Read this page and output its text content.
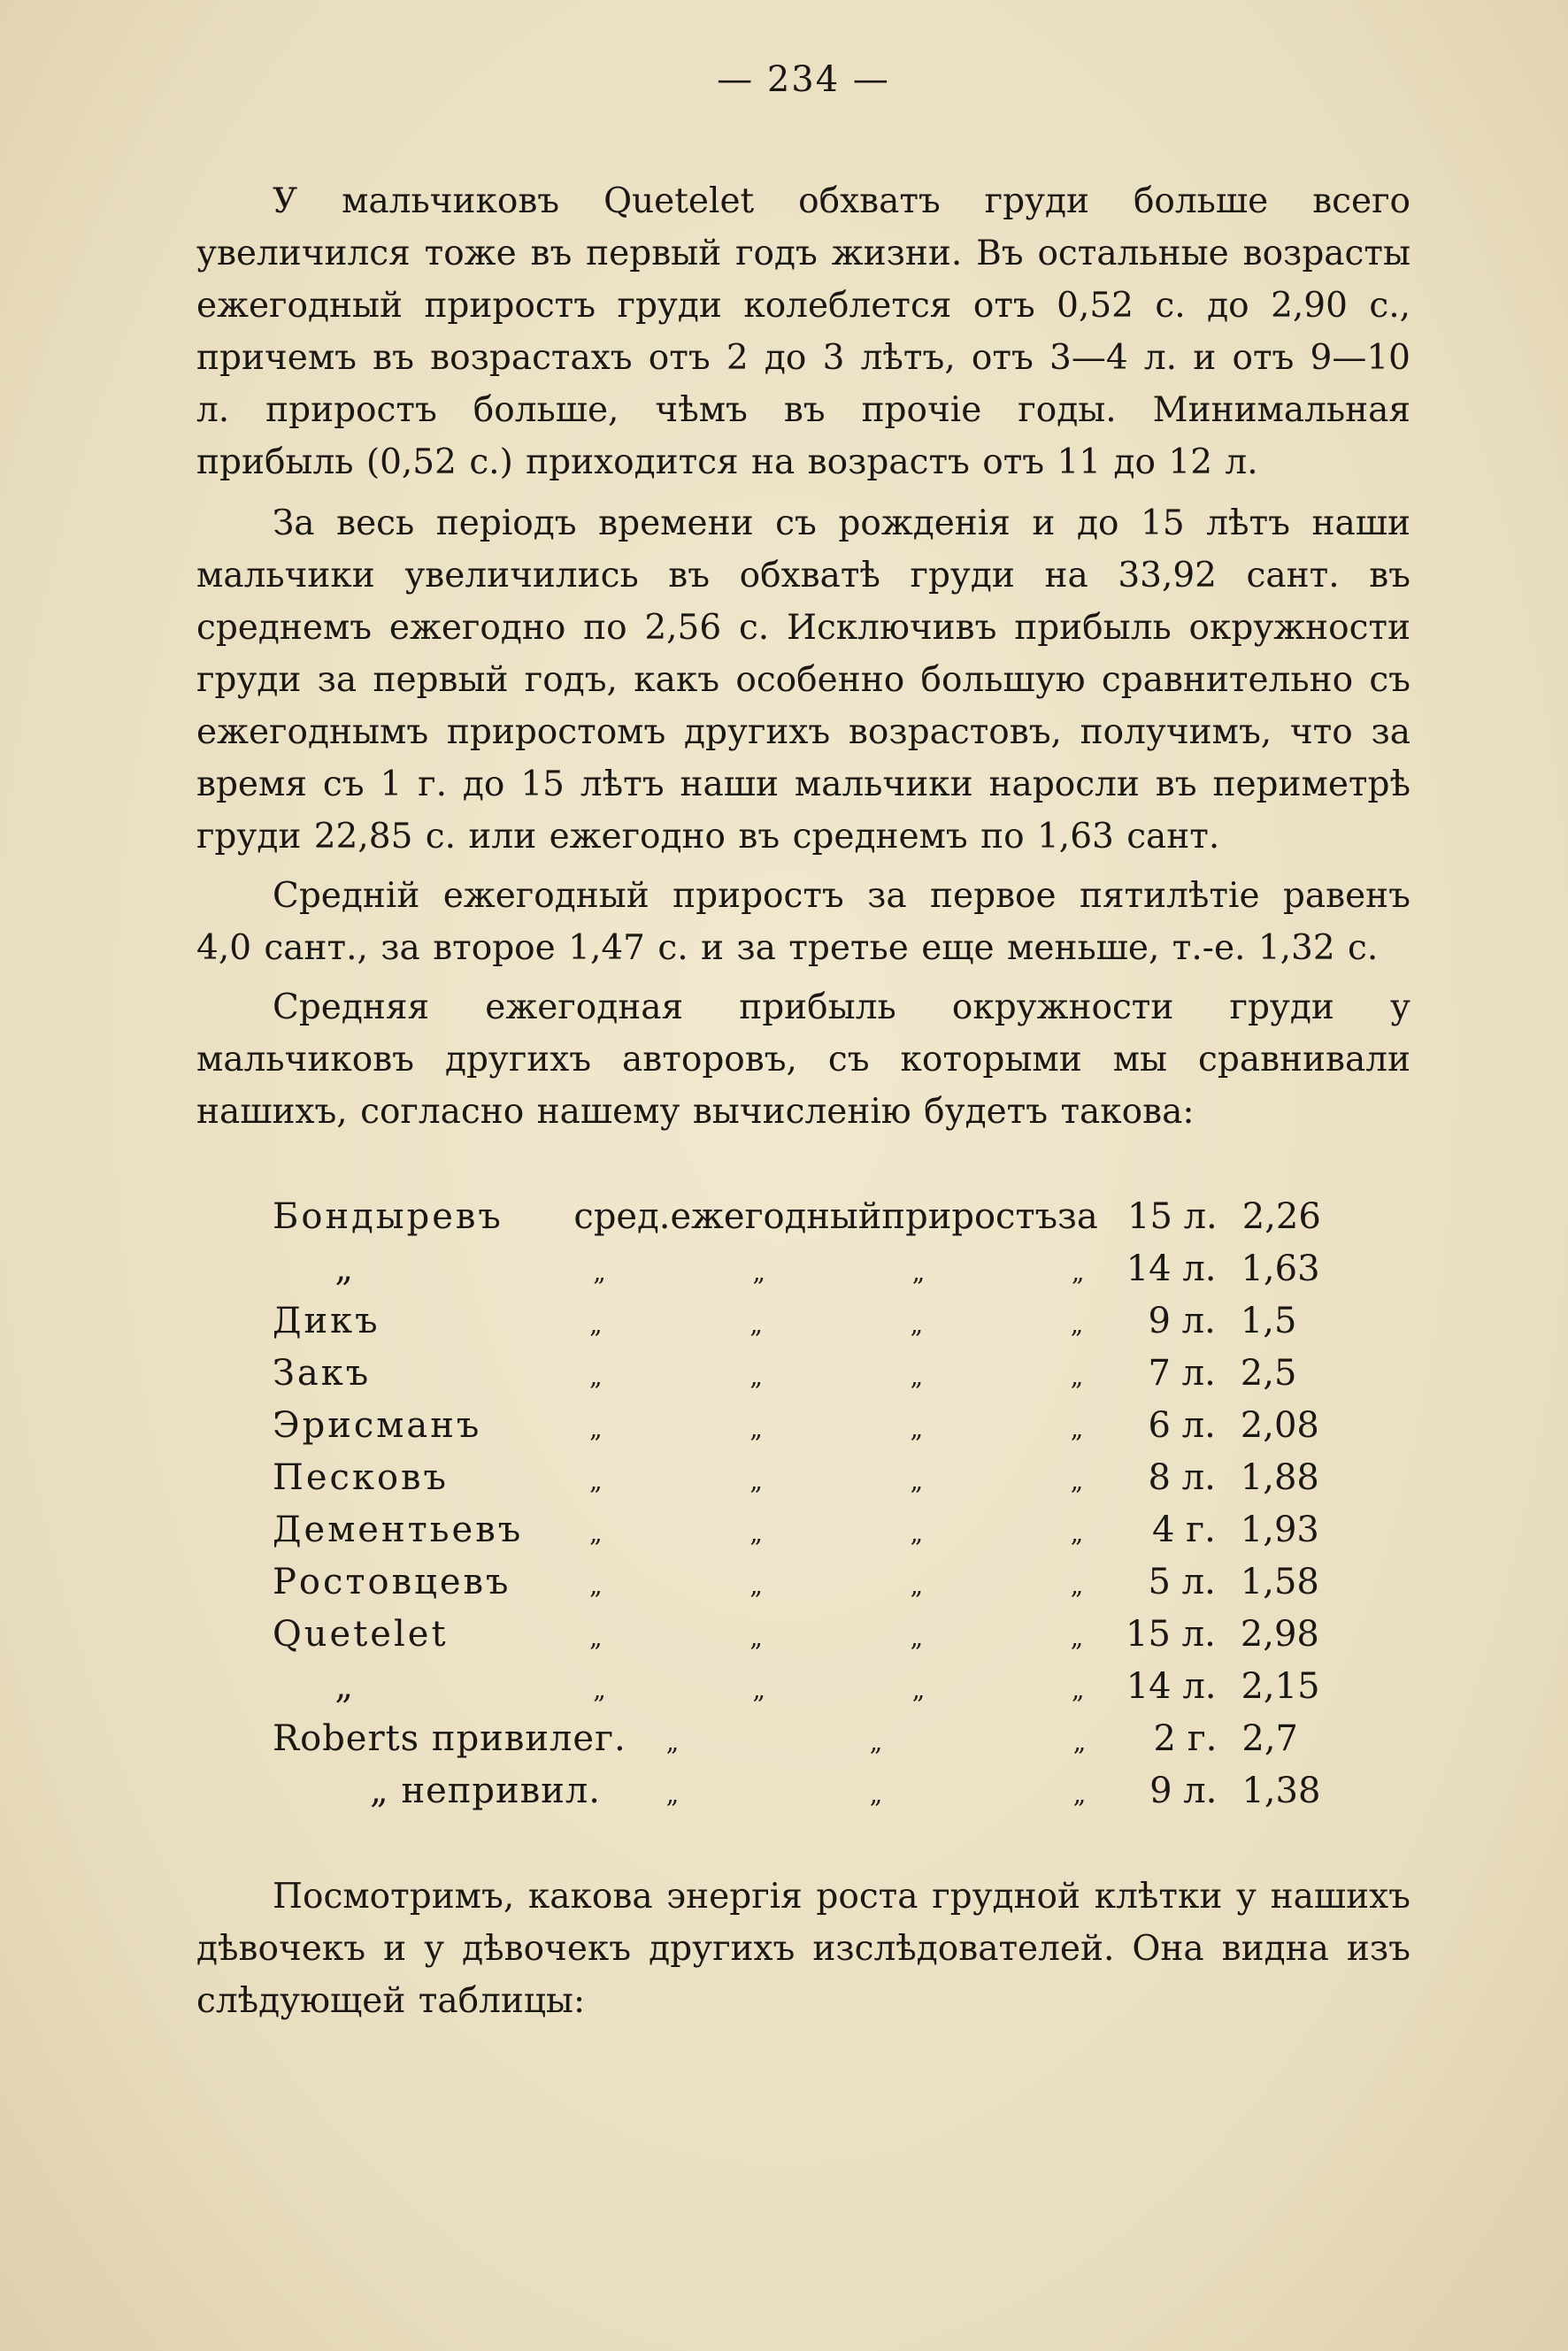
— 234 —

У мальчиковъ Quetelet обхватъ груди больше всего увеличился тоже въ первый годъ жизни. Въ остальные возрасты ежегодный приростъ груди колеблется отъ 0,52 с. до 2,90 с., причемъ въ возрастахъ отъ 2 до 3 лѣтъ, отъ 3—4 л. и отъ 9—10 л. приростъ больше, чѣмъ въ прочіе годы. Минимальная прибыль (0,52 с.) приходится на возрастъ отъ 11 до 12 л.

За весь періодъ времени съ рожденія и до 15 лѣтъ наши мальчики увеличились въ обхватѣ груди на 33,92 сант. въ среднемъ ежегодно по 2,56 с. Исключивъ прибыль окружности груди за первый годъ, какъ особенно большую сравнительно съ ежегоднымъ приростомъ другихъ возрастовъ, получимъ, что за время съ 1 г. до 15 лѣтъ наши мальчики наросли въ периметрѣ груди 22,85 с. или ежегодно въ среднемъ по 1,63 сант.

Среднiй ежегодный приростъ за первое пятилѣтіе равенъ 4,0 сант., за второе 1,47 с. и за третье еще меньше, т.-е. 1,32 с.

Средняя ежегодная прибыль окружности груди у мальчиковъ другихъ авторовъ, съ которыми мы сравнивали нашихъ, согласно нашему вычисленію будетъ такова:

Бондыревъ	сред. ежегодный приростъ за 15 л. 2,26
„	„	„	„	„	14 л. 1,63
Дикъ	„	„	„	„	9 л. 1,5
Закъ	„	„	„	„	7 л. 2,5
Эрисманъ	„	„	„	„	6 л. 2,08
Песковъ	„	„	„	„	8 л. 1,88
Дементьевъ	„	„	„	„	4 г. 1,93
Ростовцевъ	„	„	„	„	5 л. 1,58
Quetelet	„	„	„	„	15 л. 2,98
„	„	„	„	„	14 л. 2,15
Roberts привилег.	„	„	„	2 г. 2,7
„ непривил.	„	„	„	9 л. 1,38

Посмотримъ, какова энергія роста грудной клѣтки у нашихъ дѣвочекъ и у дѣвочекъ другихъ изслѣдователей. Она видна изъ слѣдующей таблицы:
